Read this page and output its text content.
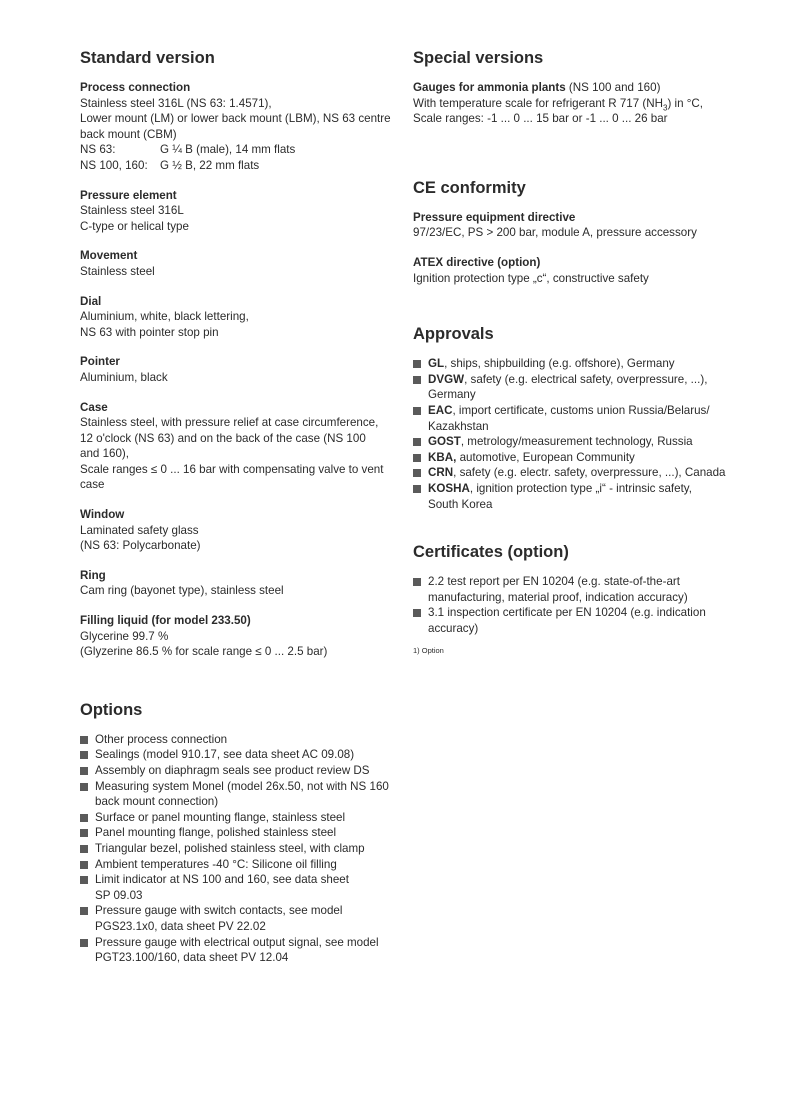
Standard version
Process connection
Stainless steel 316L (NS 63: 1.4571),
Lower mount (LM) or lower back mount (LBM), NS 63 centre
back mount (CBM)
NS 63:	G ¼ B (male), 14 mm flats
NS 100, 160: G ½ B, 22 mm flats
Pressure element
Stainless steel 316L
C-type or helical type
Movement
Stainless steel
Dial
Aluminium, white, black lettering,
NS 63 with pointer stop pin
Pointer
Aluminium, black
Case
Stainless steel, with pressure relief at case circumference,
12 o'clock (NS 63) and on the back of the case (NS 100
and 160),
Scale ranges ≤ 0 ... 16 bar with compensating valve to vent
case
Window
Laminated safety glass
(NS 63: Polycarbonate)
Ring
Cam ring (bayonet type), stainless steel
Filling liquid (for model 233.50)
Glycerine 99.7 %
(Glyzerine 86.5 % for scale range ≤ 0 ... 2.5 bar)
Options
Other process connection
Sealings (model 910.17, see data sheet AC 09.08)
Assembly on diaphragm seals see product review DS
Measuring system Monel (model 26x.50, not with NS 160
back mount connection)
Surface or panel mounting flange, stainless steel
Panel mounting flange, polished stainless steel
Triangular bezel, polished stainless steel, with clamp
Ambient temperatures -40 °C: Silicone oil filling
Limit indicator at NS 100 and 160, see data sheet
SP 09.03
Pressure gauge with switch contacts, see model
PGS23.1x0, data sheet PV 22.02
Pressure gauge with electrical output signal, see model
PGT23.100/160, data sheet PV 12.04
Special versions
Gauges for ammonia plants (NS 100 and 160)
With temperature scale for refrigerant R 717 $(NH_3)$ in °C,
Scale ranges: -1 ... 0 ... 15 bar or -1 ... 0 ... 26 bar
CE conformity
Pressure equipment directive
97/23/EC, PS > 200 bar, module A, pressure accessory
ATEX directive (option)
Ignition protection type „c“, constructive safety
Approvals
GL, ships, shipbuilding (e.g. offshore), Germany
DVGW, safety (e.g. electrical safety, overpressure, ...),
Germany
EAC, import certificate, customs union Russia/Belarus/
Kazakhstan
GOST, metrology/measurement technology, Russia
KBA, automotive, European Community
CRN, safety (e.g. electr. safety, overpressure, ...), Canada
KOSHA, ignition protection type „i“ - intrinsic safety,
South Korea
Certificates (option)
2.2 test report per EN 10204 (e.g. state-of-the-art
manufacturing, material proof, indication accuracy)
3.1 inspection certificate per EN 10204 (e.g. indication
accuracy)
1) Option
